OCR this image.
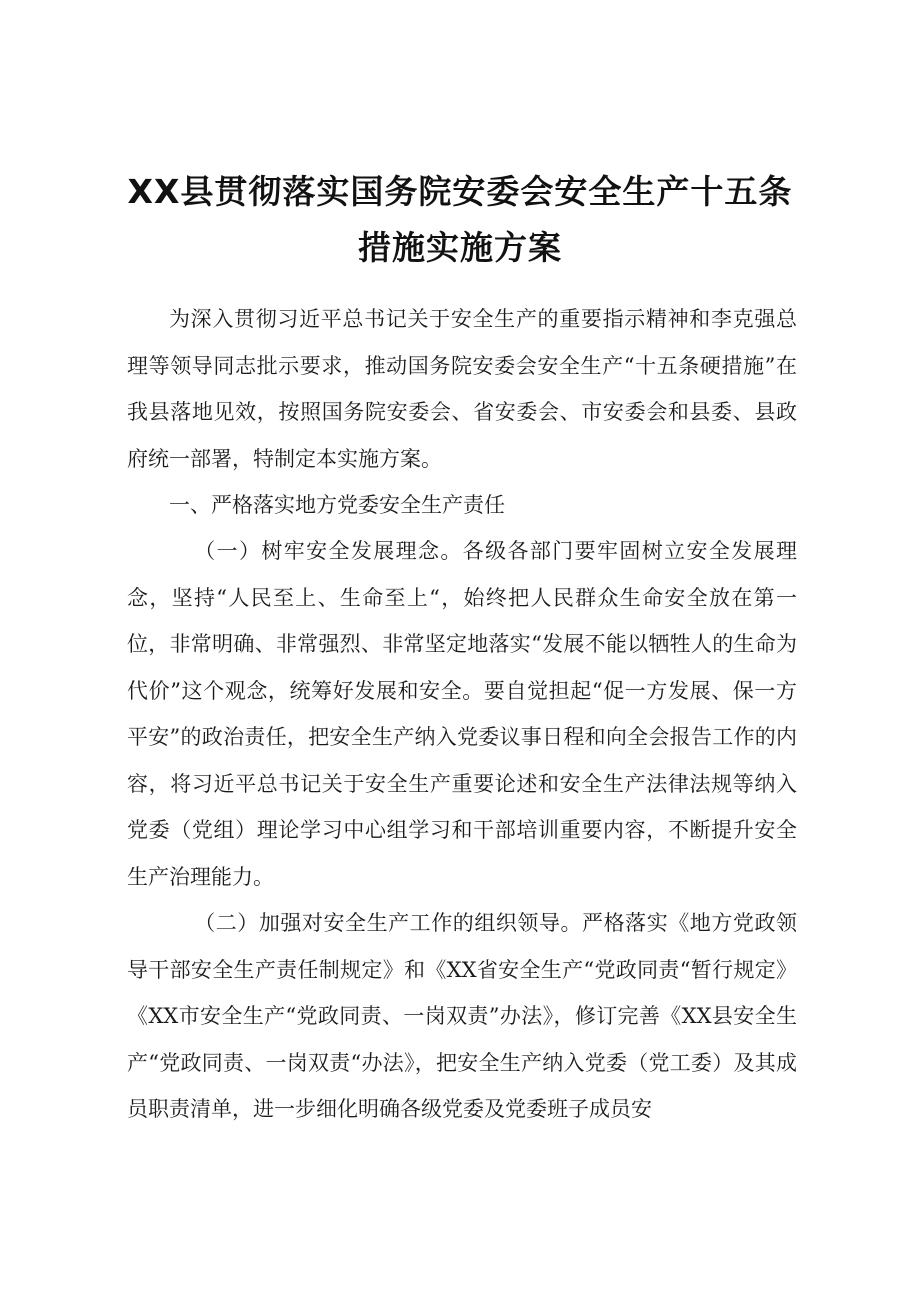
XX县贯彻落实国务院安委会安全生产十五条
措施实施方案
为深入贯彻习近平总书记关于安全生产的重要指示精神和李克强总理等领导同志批示要求，推动国务院安委会安全生产“十五条硬措施”在我县落地见效，按照国务院安委会、省安委会、市安委会和县委、县政府统一部署，特制定本实施方案。
一、严格落实地方党委安全生产责任
（一）树牢安全发展理念。各级各部门要牢固树立安全发展理念，坚持“人民至上、生命至上“，始终把人民群众生命安全放在第一位，非常明确、非常强烈、非常坚定地落实“发展不能以牺牲人的生命为代价”这个观念，统筹好发展和安全。要自觉担起“促一方发展、保一方平安”的政治责任，把安全生产纳入党委议事日程和向全会报告工作的内容，将习近平总书记关于安全生产重要论述和安全生产法律法规等纳入党委（党组）理论学习中心组学习和干部培训重要内容，不断提升安全生产治理能力。
（二）加强对安全生产工作的组织领导。严格落实《地方党政领导干部安全生产责任制规定》和《XX省安全生产“党政同责“暂行规定》《XX市安全生产“党政同责、一岗双责”办法》，修订完善《XX县安全生产“党政同责、一岗双责“办法》，把安全生产纳入党委（党工委）及其成员职责清单，进一步细化明确各级党委及党委班子成员安
